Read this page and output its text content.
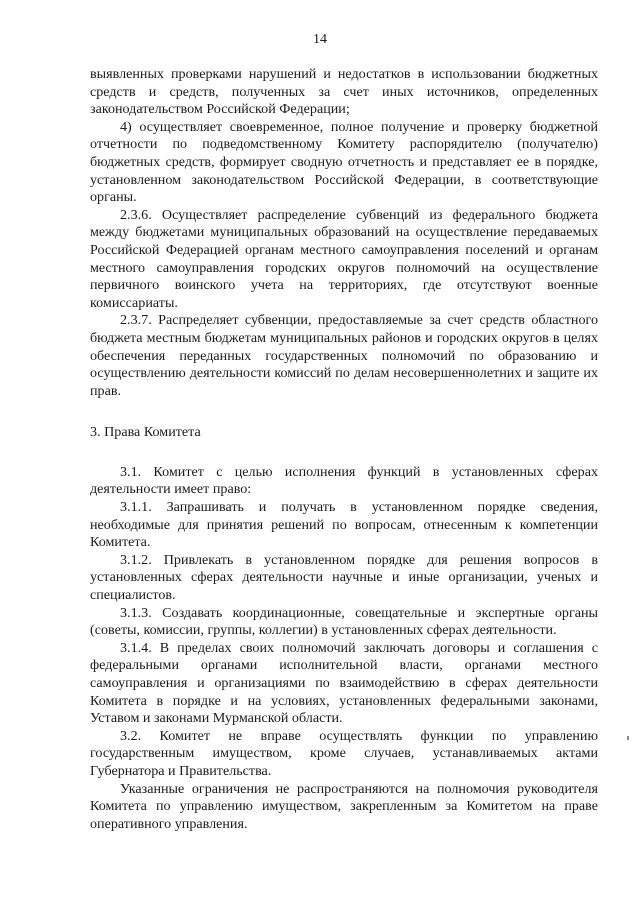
14

выявленных проверками нарушений и недостатков в использовании бюджетных средств и средств, полученных за счет иных источников, определенных законодательством Российской Федерации;

4) осуществляет своевременное, полное получение и проверку бюджетной отчетности по подведомственному Комитету распорядителю (получателю) бюджетных средств, формирует сводную отчетность и представляет ее в порядке, установленном законодательством Российской Федерации, в соответствующие органы.

2.3.6. Осуществляет распределение субвенций из федерального бюджета между бюджетами муниципальных образований на осуществление передаваемых Российской Федерацией органам местного самоуправления поселений и органам местного самоуправления городских округов полномочий на осуществление первичного воинского учета на территориях, где отсутствуют военные комиссариаты.

2.3.7. Распределяет субвенции, предоставляемые за счет средств областного бюджета местным бюджетам муниципальных районов и городских округов в целях обеспечения переданных государственных полномочий по образованию и осуществлению деятельности комиссий по делам несовершеннолетних и защите их прав.

3. Права Комитета

3.1. Комитет с целью исполнения функций в установленных сферах деятельности имеет право:

3.1.1. Запрашивать и получать в установленном порядке сведения, необходимые для принятия решений по вопросам, отнесенным к компетенции Комитета.

3.1.2. Привлекать в установленном порядке для решения вопросов в установленных сферах деятельности научные и иные организации, ученых и специалистов.

3.1.3. Создавать координационные, совещательные и экспертные органы (советы, комиссии, группы, коллегии) в установленных сферах деятельности.

3.1.4. В пределах своих полномочий заключать договоры и соглашения с федеральными органами исполнительной власти, органами местного самоуправления и организациями по взаимодействию в сферах деятельности Комитета в порядке и на условиях, установленных федеральными законами, Уставом и законами Мурманской области.

3.2. Комитет не вправе осуществлять функции по управлению государственным имуществом, кроме случаев, устанавливаемых актами Губернатора и Правительства.

Указанные ограничения не распространяются на полномочия руководителя Комитета по управлению имуществом, закрепленным за Комитетом на праве оперативного управления.
